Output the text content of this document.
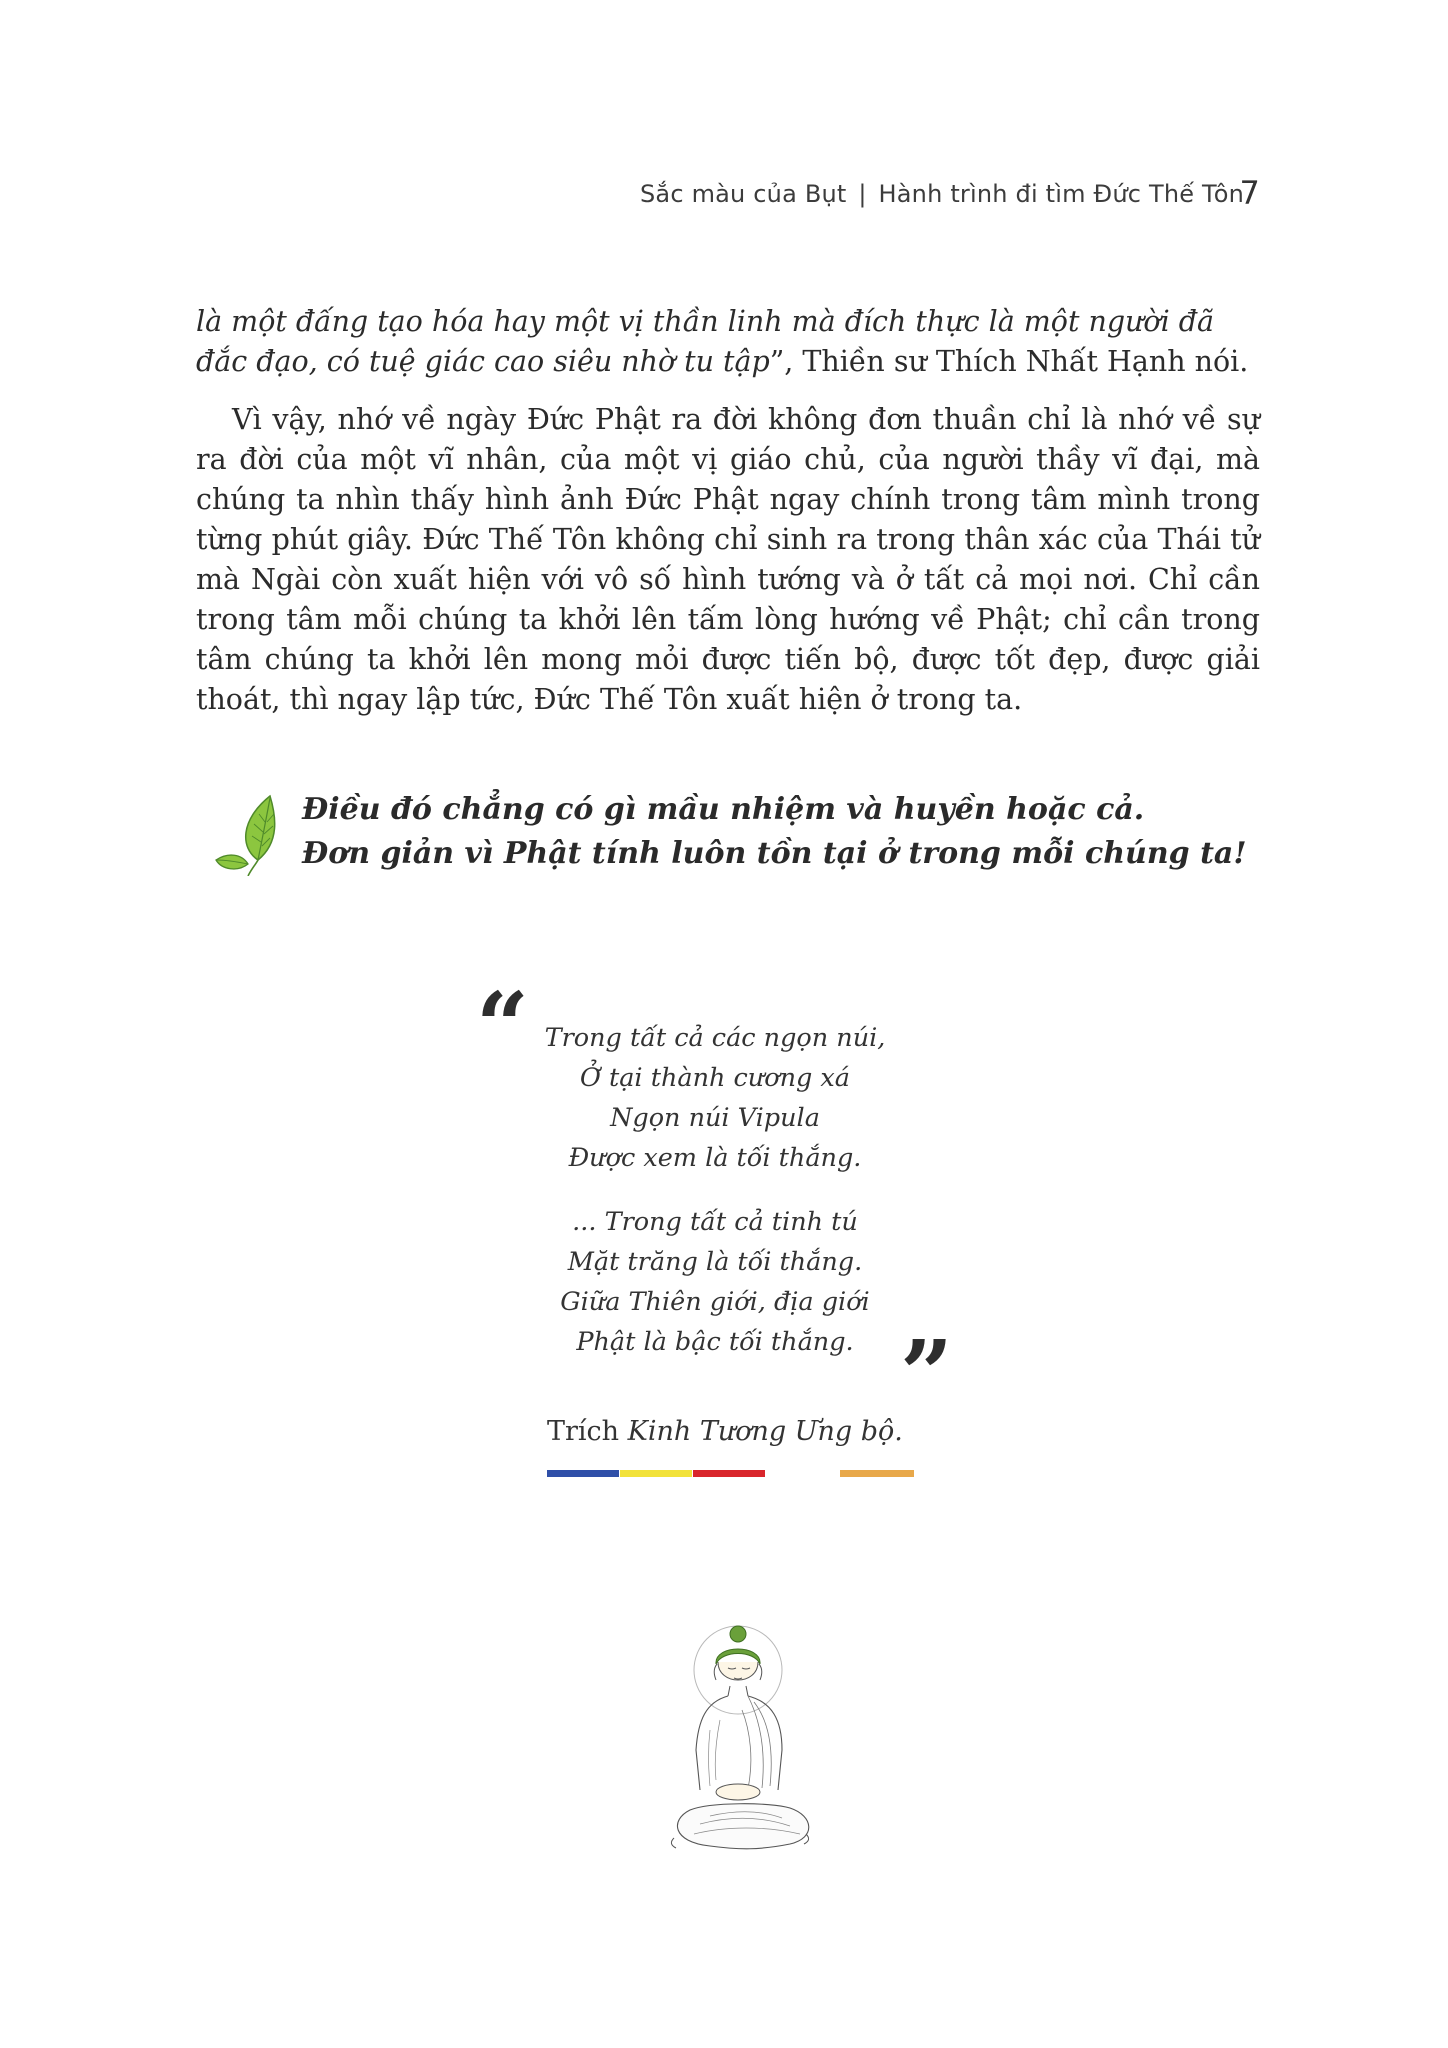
Sắc màu của Bụt | Hành trình đi tìm Đức Thế Tôn
7
là một đấng tạo hóa hay một vị thần linh mà đích thực là một người đã đắc đạo, có tuệ giác cao siêu nhờ tu tập”, Thiền sư Thích Nhất Hạnh nói.
Vì vậy, nhớ về ngày Đức Phật ra đời không đơn thuần chỉ là nhớ về sự ra đời của một vĩ nhân, của một vị giáo chủ, của người thầy vĩ đại, mà chúng ta nhìn thấy hình ảnh Đức Phật ngay chính trong tâm mình trong từng phút giây. Đức Thế Tôn không chỉ sinh ra trong thân xác của Thái tử mà Ngài còn xuất hiện với vô số hình tướng và ở tất cả mọi nơi. Chỉ cần trong tâm mỗi chúng ta khởi lên tấm lòng hướng về Phật; chỉ cần trong tâm chúng ta khởi lên mong mỏi được tiến bộ, được tốt đẹp, được giải thoát, thì ngay lập tức, Đức Thế Tôn xuất hiện ở trong ta.
Điều đó chẳng có gì mầu nhiệm và huyền hoặc cả.
Đơn giản vì Phật tính luôn tồn tại ở trong mỗi chúng ta!
“ Trong tất cả các ngọn núi,
Ở tại thành cương xá
Ngọn núi Vipula
Được xem là tối thắng.
... Trong tất cả tinh tú
Mặt trăng là tối thắng.
Giữa Thiên giới, địa giới
Phật là bậc tối thắng. ”
Trích Kinh Tương Ưng bộ.
